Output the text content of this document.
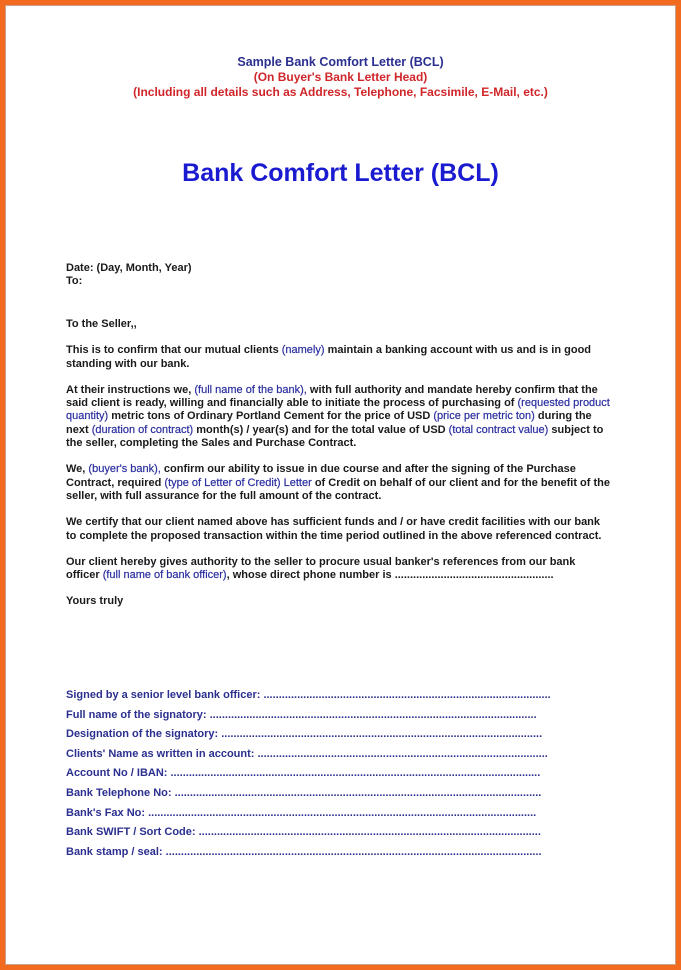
Sample Bank Comfort Letter (BCL)
(On Buyer's Bank Letter Head)
(Including all details such as Address, Telephone, Facsimile, E-Mail, etc.)
Bank Comfort Letter (BCL)

Date: (Day, Month, Year)

To:

To the Seller,,

This is to confirm that our mutual clients (namely) maintain a banking account with us and is in good standing with our bank.

At their instructions we, (full name of the bank), with full authority and mandate hereby confirm that the said client is ready, willing and financially able to initiate the process of purchasing of (requested product quantity) metric tons of Ordinary Portland Cement for the price of USD (price per metric ton) during the next (duration of contract) month(s) / year(s) and for the total value of USD (total contract value) subject to the seller, completing the Sales and Purchase Contract.

We, (buyer's bank), confirm our ability to issue in due course and after the signing of the Purchase Contract, required (type of Letter of Credit) Letter of Credit on behalf of our client and for the benefit of the seller, with full assurance for the full amount of the contract.

We certify that our client named above has sufficient funds and / or have credit facilities with our bank to complete the proposed transaction within the time period outlined in the above referenced contract.

Our client hereby gives authority to the seller to procure usual banker's references from our bank officer (full name of bank officer), whose direct phone number is ....................................................

Yours truly

Signed by a senior level bank officer: ..............................................................................................
Full name of the signatory: ...........................................................................................................
Designation of the signatory: .........................................................................................................
Clients' Name as written in account: ...............................................................................................
Account No / IBAN: .........................................................................................................................
Bank Telephone No: ........................................................................................................................
Bank's Fax No: ...............................................................................................................................
Bank SWIFT / Sort Code: ................................................................................................................
Bank stamp / seal: ...........................................................................................................................
